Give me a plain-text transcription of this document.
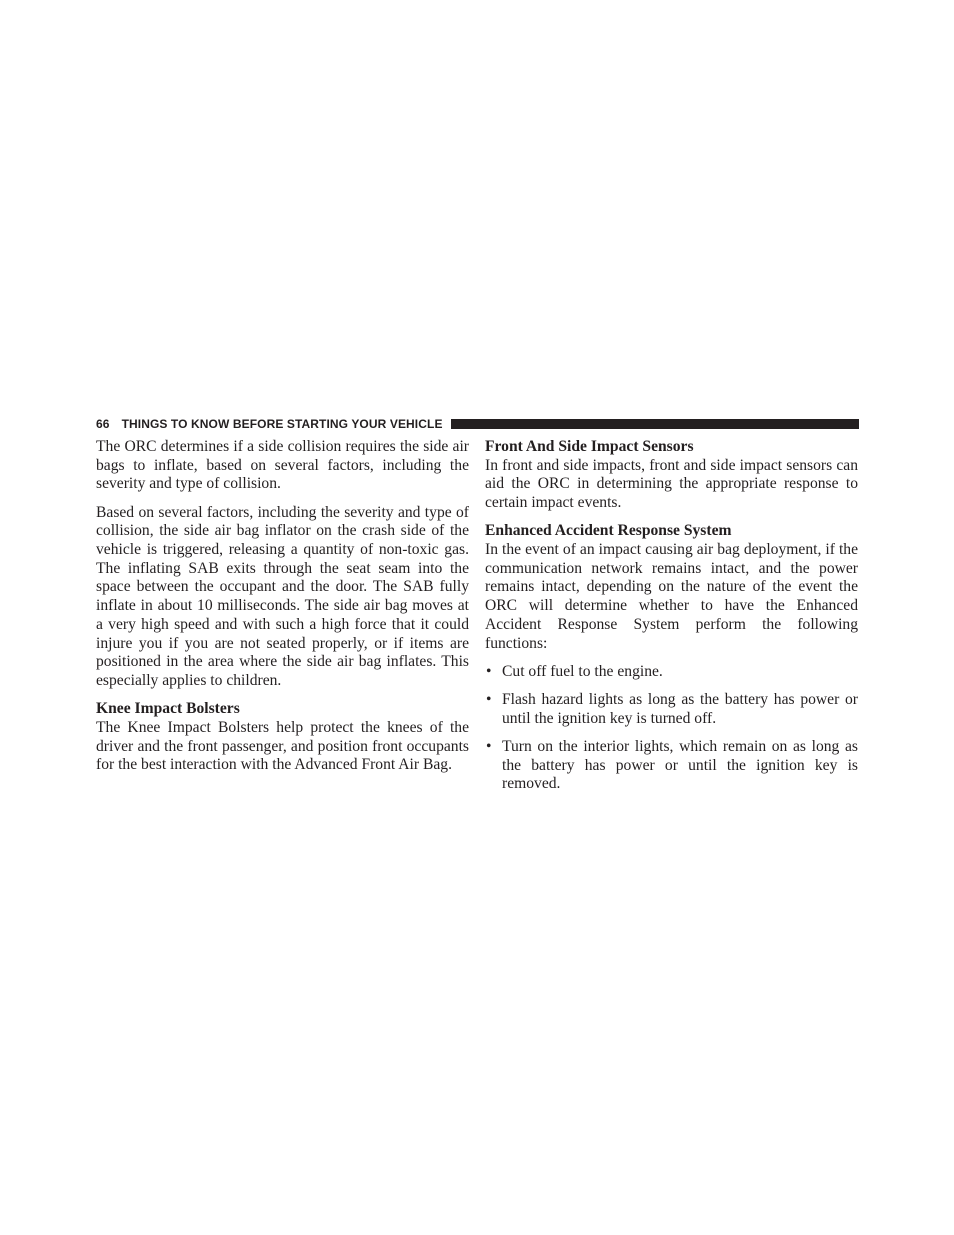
66 THINGS TO KNOW BEFORE STARTING YOUR VEHICLE

The ORC determines if a side collision requires the side air bags to inflate, based on several factors, including the severity and type of collision.

Based on several factors, including the severity and type of collision, the side air bag inflator on the crash side of the vehicle is triggered, releasing a quantity of non-toxic gas. The inflating SAB exits through the seat seam into the space between the occupant and the door. The SAB fully inflate in about 10 milliseconds. The side air bag moves at a very high speed and with such a high force that it could injure you if you are not seated properly, or if items are positioned in the area where the side air bag inflates. This especially applies to children.

Knee Impact Bolsters

The Knee Impact Bolsters help protect the knees of the driver and the front passenger, and position front occupants for the best interaction with the Advanced Front Air Bag.

Front And Side Impact Sensors

In front and side impacts, front and side impact sensors can aid the ORC in determining the appropriate response to certain impact events.

Enhanced Accident Response System

In the event of an impact causing air bag deployment, if the communication network remains intact, and the power remains intact, depending on the nature of the event the ORC will determine whether to have the Enhanced Accident Response System perform the following functions:

• Cut off fuel to the engine.
• Flash hazard lights as long as the battery has power or until the ignition key is turned off.
• Turn on the interior lights, which remain on as long as the battery has power or until the ignition key is removed.
